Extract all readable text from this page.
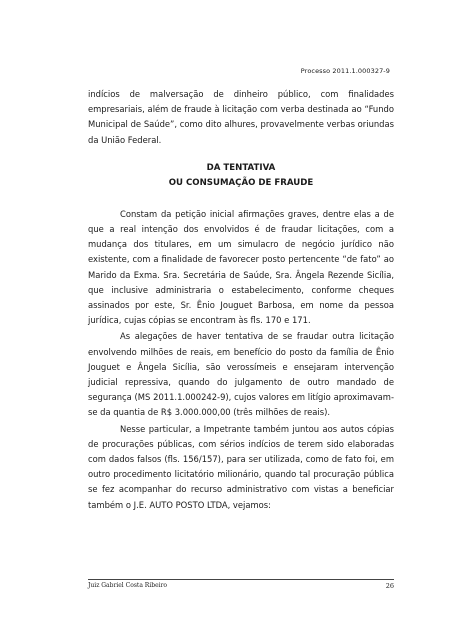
Processo 2011.1.000327-9

indícios de malversação de dinheiro público, com finalidades empresariais, além de fraude à licitação com verba destinada ao “Fundo Municipal de Saúde”, como dito alhures, provavelmente verbas oriundas da União Federal.

DA TENTATIVA
OU CONSUMAÇÃO DE FRAUDE

Constam da petição inicial afirmações graves, dentre elas a de que a real intenção dos envolvidos é de fraudar licitações, com a mudança dos titulares, em um simulacro de negócio jurídico não existente, com a finalidade de favorecer posto pertencente “de fato” ao Marido da Exma. Sra. Secretária de Saúde, Sra. Ângela Rezende Sicília, que inclusive administraria o estabelecimento, conforme cheques assinados por este, Sr. Ênio Jouguet Barbosa, em nome da pessoa jurídica, cujas cópias se encontram às fls. 170 e 171.

As alegações de haver tentativa de se fraudar outra licitação envolvendo milhões de reais, em benefício do posto da família de Ênio Jouguet e Ângela Sicília, são verossímeis e ensejaram intervenção judicial repressiva, quando do julgamento de outro mandado de segurança (MS 2011.1.000242-9), cujos valores em litígio aproximavam-se da quantia de R$ 3.000.000,00 (três milhões de reais).

Nesse particular, a Impetrante também juntou aos autos cópias de procurações públicas, com sérios indícios de terem sido elaboradas com dados falsos (fls. 156/157), para ser utilizada, como de fato foi, em outro procedimento licitatório milionário, quando tal procuração pública se fez acompanhar do recurso administrativo com vistas a beneficiar também o J.E. AUTO POSTO LTDA, vejamos:

Juiz Gabriel Costa Ribeiro	26
